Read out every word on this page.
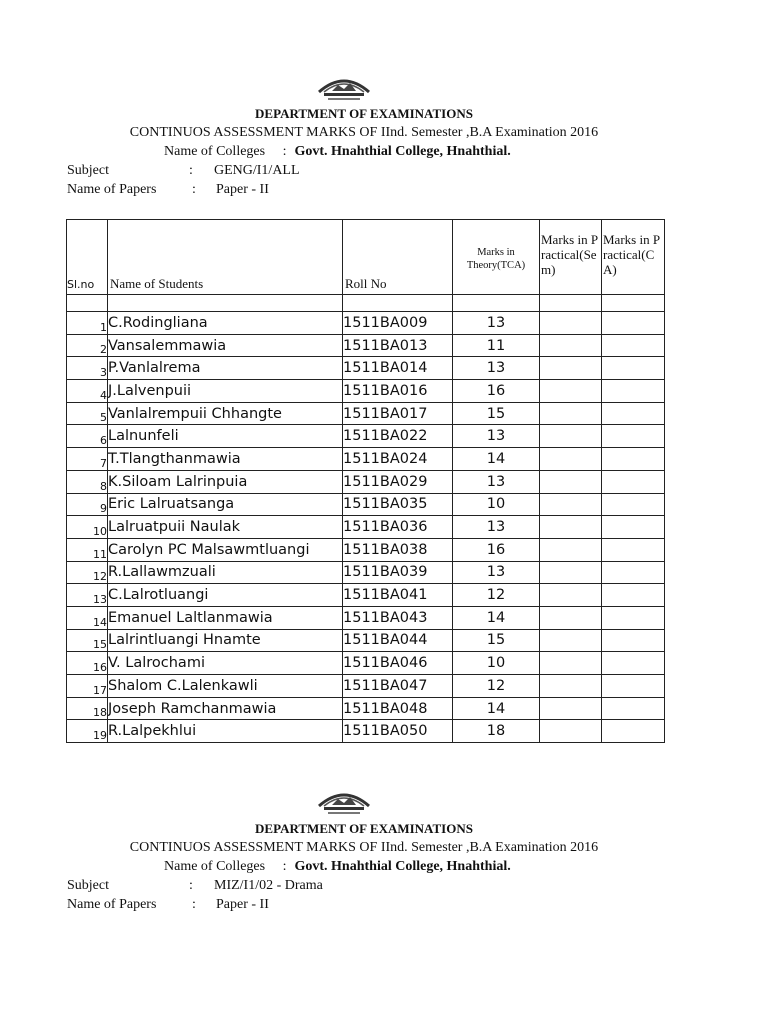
DEPARTMENT OF EXAMINATIONS
CONTINUOS ASSESSMENT MARKS OF IInd. Semester ,B.A Examination 2016
Name of Colleges     : Govt. Hnahthial College, Hnahthial.
Subject	: GENG/I1/ALL
Name of Papers	: Paper - II
Sl.no	Name of Students	Roll No	Marks in Theory(TCA)	Marks in Practical(Sem)	Marks in Practical(CA)

1	C.Rodingliana	1511BA009	13		
2	Vansalemmawia	1511BA013	11		
3	P.Vanlalrema	1511BA014	13		
4	J.Lalvenpuii	1511BA016	16		
5	Vanlalrempuii Chhangte	1511BA017	15		
6	Lalnunfeli	1511BA022	13		
7	T.Tlangthanmawia	1511BA024	14		
8	K.Siloam Lalrinpuia	1511BA029	13		
9	Eric Lalruatsanga	1511BA035	10		
10	Lalruatpuii Naulak	1511BA036	13		
11	Carolyn PC Malsawmtluangi	1511BA038	16		
12	R.Lallawmzuali	1511BA039	13		
13	C.Lalrotluangi	1511BA041	12		
14	Emanuel Laltlanmawia	1511BA043	14		
15	Lalrintluangi Hnamte	1511BA044	15		
16	V. Lalrochami	1511BA046	10		
17	Shalom C.Lalenkawli	1511BA047	12		
18	Joseph Ramchanmawia	1511BA048	14		
19	R.Lalpekhlui	1511BA050	18		
DEPARTMENT OF EXAMINATIONS
CONTINUOS ASSESSMENT MARKS OF IInd. Semester ,B.A Examination 2016
Name of Colleges     : Govt. Hnahthial College, Hnahthial.
Subject	: MIZ/I1/02 - Drama
Name of Papers	: Paper - II
